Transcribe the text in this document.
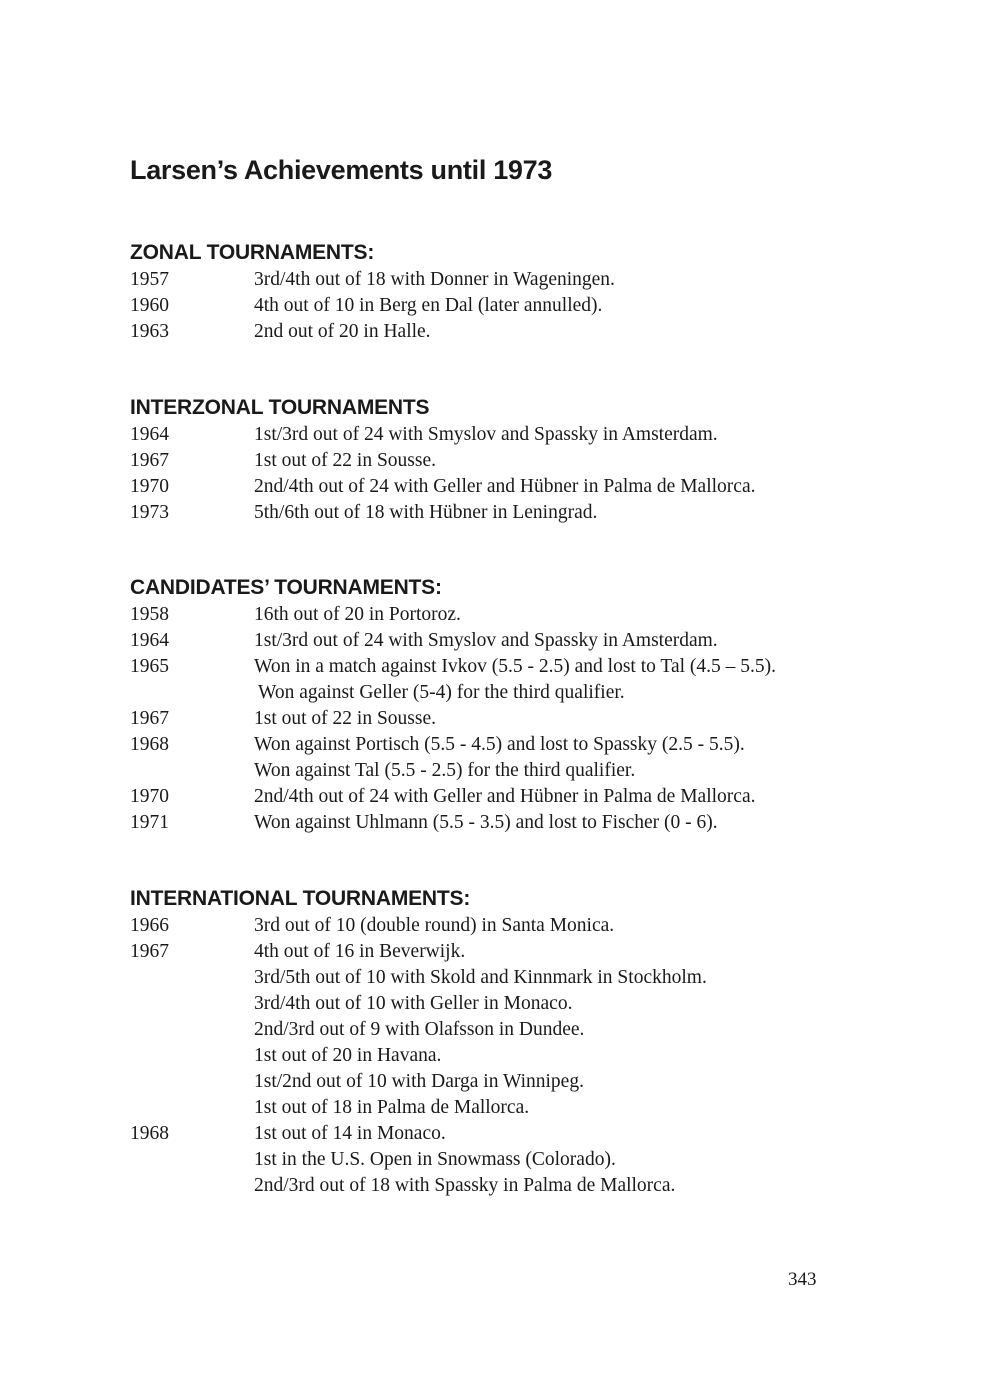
Larsen’s Achievements until 1973
ZONAL TOURNAMENTS:
1957	3rd/4th out of 18 with Donner in Wageningen.
1960	4th out of 10 in Berg en Dal (later annulled).
1963	2nd out of 20 in Halle.
INTERZONAL TOURNAMENTS
1964	1st/3rd out of 24 with Smyslov and Spassky in Amsterdam.
1967	1st out of 22 in Sousse.
1970	2nd/4th out of 24 with Geller and Hübner in Palma de Mallorca.
1973	5th/6th out of 18 with Hübner in Leningrad.
CANDIDATES’ TOURNAMENTS:
1958	16th out of 20 in Portoroz.
1964	1st/3rd out of 24 with Smyslov and Spassky in Amsterdam.
1965	Won in a match against Ivkov (5.5 - 2.5) and lost to Tal (4.5 – 5.5).
Won against Geller (5-4) for the third qualifier.
1967	1st out of 22 in Sousse.
1968	Won against Portisch (5.5 - 4.5) and lost to Spassky (2.5 - 5.5).
Won against Tal (5.5 - 2.5) for the third qualifier.
1970	2nd/4th out of 24 with Geller and Hübner in Palma de Mallorca.
1971	Won against Uhlmann (5.5 - 3.5) and lost to Fischer (0 - 6).
INTERNATIONAL TOURNAMENTS:
1966	3rd out of 10 (double round) in Santa Monica.
1967	4th out of 16 in Beverwijk.
3rd/5th out of 10 with Skold and Kinnmark in Stockholm.
3rd/4th out of 10 with Geller in Monaco.
2nd/3rd out of 9 with Olafsson in Dundee.
1st out of 20 in Havana.
1st/2nd out of 10 with Darga in Winnipeg.
1st out of 18 in Palma de Mallorca.
1968	1st out of 14 in Monaco.
1st in the U.S. Open in Snowmass (Colorado).
2nd/3rd out of 18 with Spassky in Palma de Mallorca.
343
